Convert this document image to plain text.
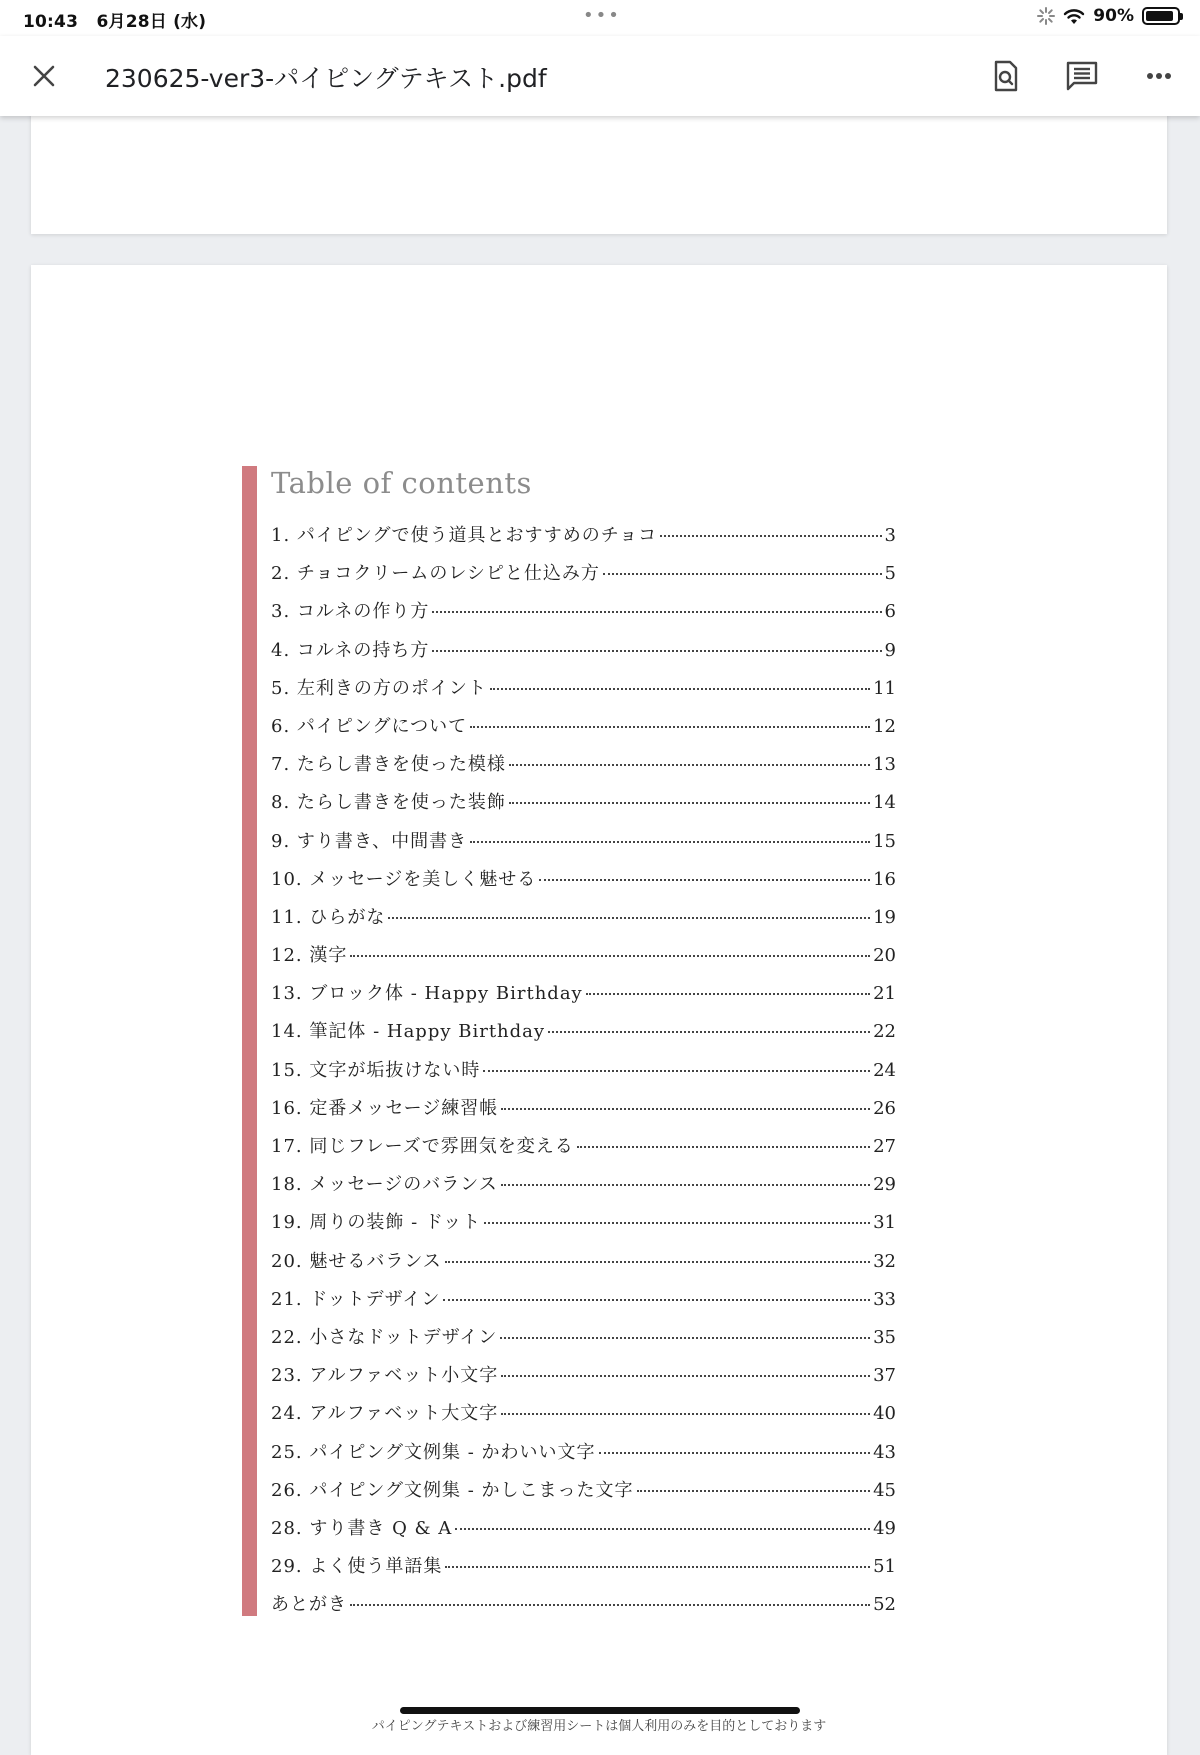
10:43 6月28日 (水)	•••	90%
230625-ver3-パイピングテキスト.pdf
Table of contents
1. パイピングで使う道具とおすすめのチョコ	3
2. チョコクリームのレシピと仕込み方	5
3. コルネの作り方	6
4. コルネの持ち方	9
5. 左利きの方のポイント	11
6. パイピングについて	12
7. たらし書きを使った模様	13
8. たらし書きを使った装飾	14
9. すり書き、中間書き	15
10. メッセージを美しく魅せる	16
11. ひらがな	19
12. 漢字	20
13. ブロック体 - Happy Birthday	21
14. 筆記体 - Happy Birthday	22
15. 文字が垢抜けない時	24
16. 定番メッセージ練習帳	26
17. 同じフレーズで雰囲気を変える	27
18. メッセージのバランス	29
19. 周りの装飾 - ドット	31
20. 魅せるバランス	32
21. ドットデザイン	33
22. 小さなドットデザイン	35
23. アルファベット小文字	37
24. アルファベット大文字	40
25. パイピング文例集 - かわいい文字	43
26. パイピング文例集 - かしこまった文字	45
28. すり書き Q & A	49
29. よく使う単語集	51
あとがき	52
パイピングテキストおよび練習用シートは個人利用のみを目的としております
